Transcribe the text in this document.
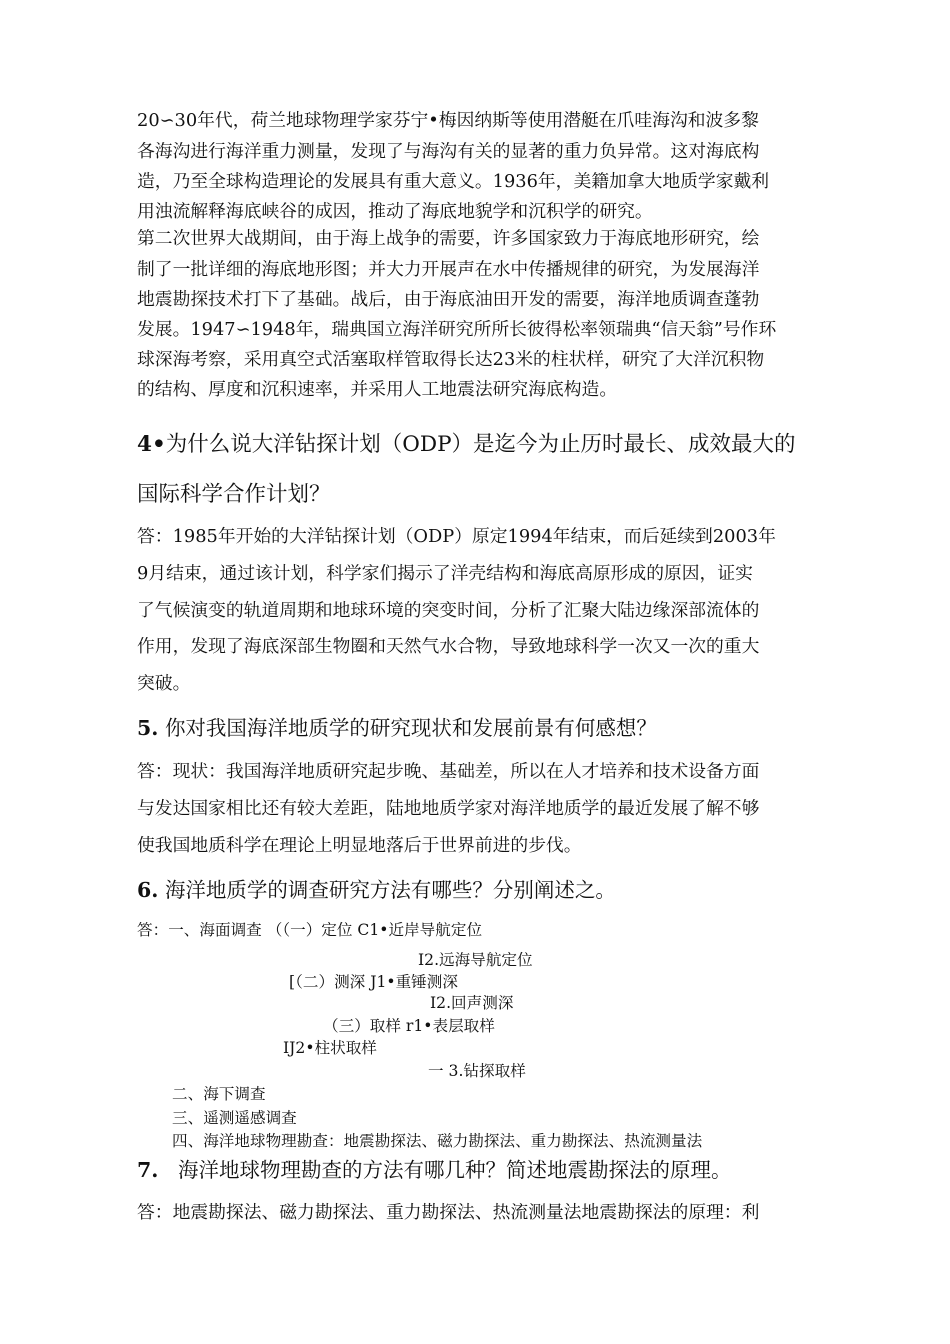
20∽30年代，荷兰地球物理学家芬宁•梅因纳斯等使用潜艇在爪哇海沟和波多黎
各海沟进行海洋重力测量，发现了与海沟有关的显著的重力负异常。这对海底构
造，乃至全球构造理论的发展具有重大意义。1936年，美籍加拿大地质学家戴利
用浊流解释海底峡谷的成因，推动了海底地貌学和沉积学的研究。
第二次世界大战期间，由于海上战争的需要，许多国家致力于海底地形研究，绘
制了一批详细的海底地形图；并大力开展声在水中传播规律的研究，为发展海洋
地震勘探技术打下了基础。战后，由于海底油田开发的需要，海洋地质调查蓬勃
发展。1947∽1948年，瑞典国立海洋研究所所长彼得松率领瑞典“信天翁”号作环
球深海考察，采用真空式活塞取样管取得长达23米的柱状样，研究了大洋沉积物
的结构、厚度和沉积速率，并采用人工地震法研究海底构造。
4•为什么说大洋钻探计划（ODP）是迄今为止历时最长、成效最大的
国际科学合作计划？
答：1985年开始的大洋钻探计划（ODP）原定1994年结束，而后延续到2003年
9月结束，通过该计划，科学家们揭示了洋壳结构和海底高原形成的原因，证实
了气候演变的轨道周期和地球环境的突变时间，分析了汇聚大陆边缘深部流体的
作用，发现了海底深部生物圈和天然气水合物，导致地球科学一次又一次的重大
突破。
5. 你对我国海洋地质学的研究现状和发展前景有何感想？
答：现状：我国海洋地质研究起步晚、基础差，所以在人才培养和技术设备方面
与发达国家相比还有较大差距，陆地地质学家对海洋地质学的最近发展了解不够
使我国地质科学在理论上明显地落后于世界前进的步伐。
6. 海洋地质学的调查研究方法有哪些？分别阐述之。
答：一、海面调查 （（一）定位 C1•近岸导航定位
I2.远海导航定位
[（二）测深 J1•重锤测深
I2.回声测深
（三）取样 r1•表层取样
IJ2•柱状取样
一 3.钻探取样
二、海下调查
三、遥测遥感调查
四、海洋地球物理勘查：地震勘探法、磁力勘探法、重力勘探法、热流测量法
7. 海洋地球物理勘查的方法有哪几种？简述地震勘探法的原理。
答：地震勘探法、磁力勘探法、重力勘探法、热流测量法地震勘探法的原理：利
